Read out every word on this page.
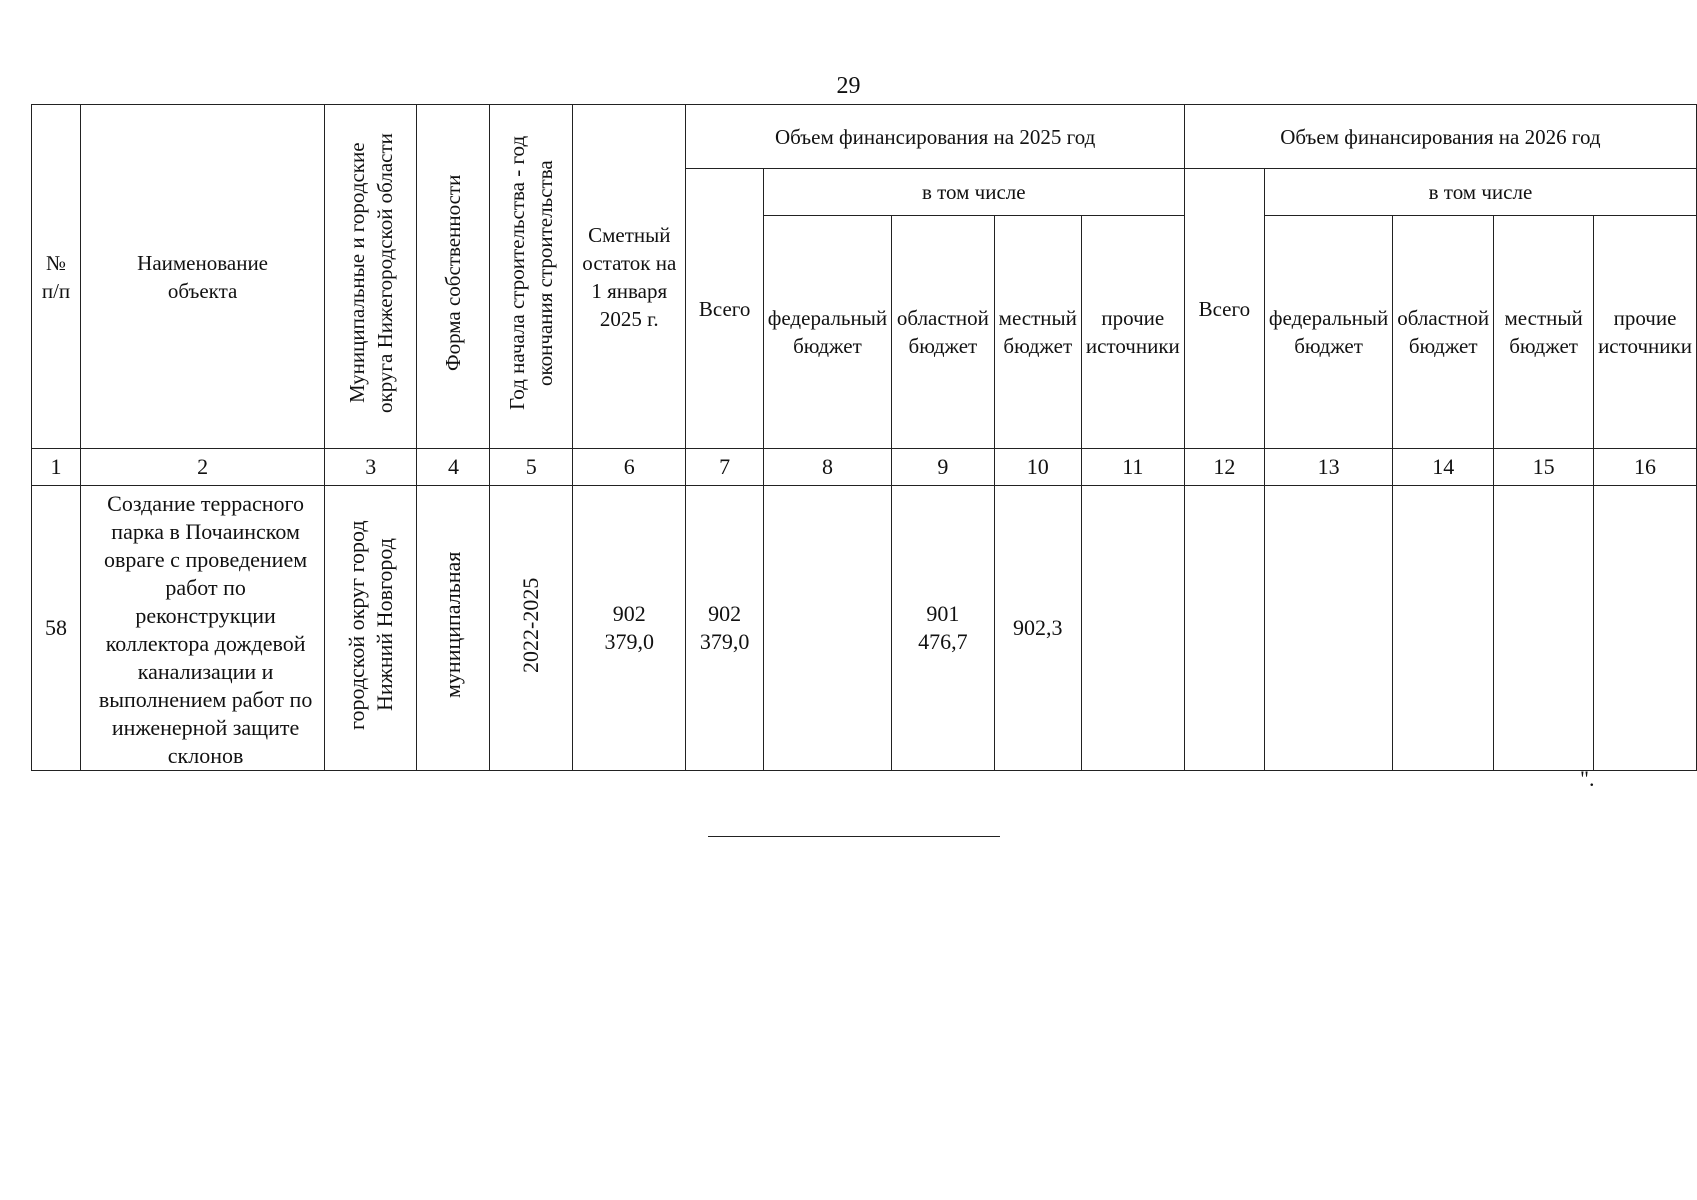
29
№ п/п	Наименование объекта	Муниципальные и городские округа Нижегородской области	Форма собственности	Год начала строительства - год окончания строительства	Сметный остаток на 1 января 2025 г.	Объем финансирования на 2025 год					Объем финансирования на 2026 год				
						Всего	в том числе				Всего	в том числе			

							федеральный бюджет	областной бюджет	местный бюджет	прочие источники		федеральный бюджет	областной бюджет	местный бюджет	прочие источники

1	2	3	4	5	6	7	8	9	10	11	12	13	14	15	16
58	Создание террасного парка в Почаинском овраге с проведением работ по реконструкции коллектора дождевой канализации и выполнением работ по инженерной защите склонов	городской округ город Нижний Новгород	муниципальная	2022-2025	902 379,0	902 379,0		901 476,7	902,3						
".
